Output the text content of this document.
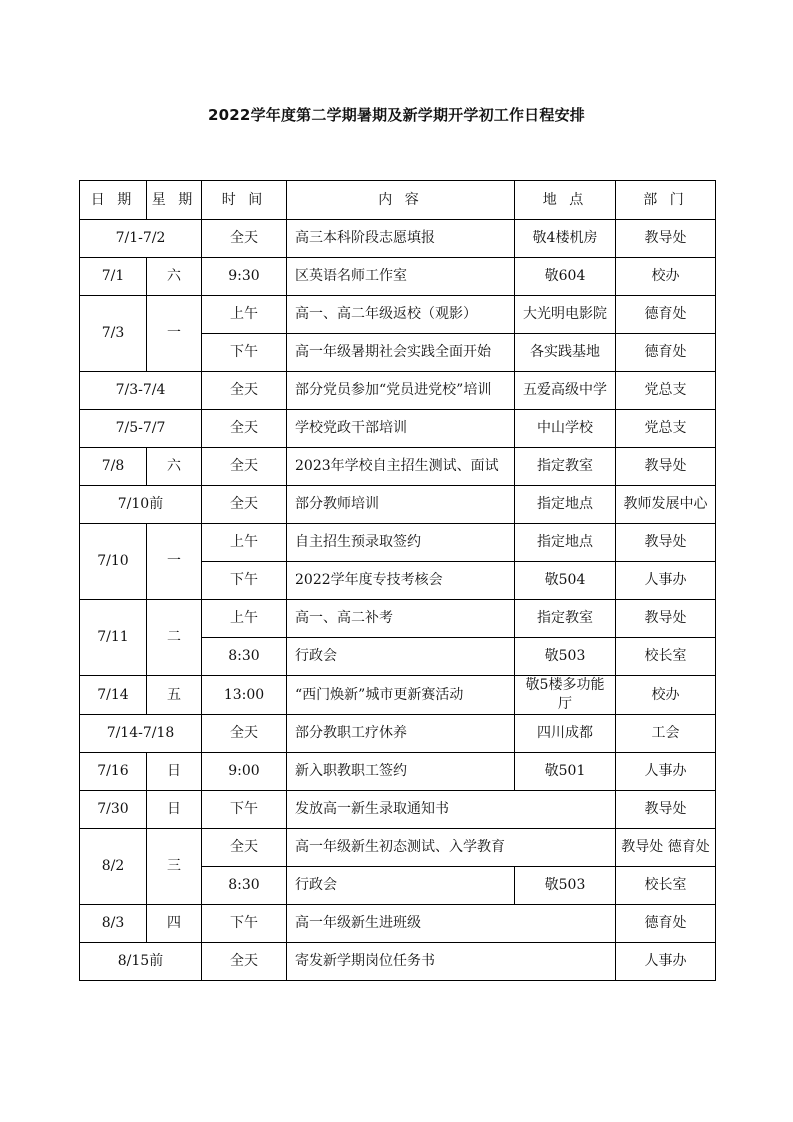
2022学年度第二学期暑期及新学期开学初工作日程安排
日 期	星 期	时 间	内 容	地 点	部 门
7/1-7/2		全天	高三本科阶段志愿填报	敬4楼机房	教导处
7/1	六	9:30	区英语名师工作室	敬604	校办
7/3	一	上午	高一、高二年级返校（观影）	大光明电影院	德育处
		下午	高一年级暑期社会实践全面开始	各实践基地	德育处
7/3-7/4		全天	部分党员参加“党员进党校”培训	五爱高级中学	党总支
7/5-7/7		全天	学校党政干部培训	中山学校	党总支
7/8	六	全天	2023年学校自主招生测试、面试	指定教室	教导处
7/10前		全天	部分教师培训	指定地点	教师发展中心
7/10	一	上午	自主招生预录取签约	指定地点	教导处
		下午	2022学年度专技考核会	敬504	人事办
7/11	二	上午	高一、高二补考	指定教室	教导处
		8:30	行政会	敬503	校长室
7/14	五	13:00	“西门焕新”城市更新赛活动	敬5楼多功能厅	校办
7/14-7/18		全天	部分教职工疗休养	四川成都	工会
7/16	日	9:00	新入职教职工签约	敬501	人事办
7/30	日	下午	发放高一新生录取通知书		教导处
8/2	三	全天	高一年级新生初态测试、入学教育		教导处 德育处
		8:30	行政会	敬503	校长室
8/3	四	下午	高一年级新生进班级		德育处
8/15前		全天	寄发新学期岗位任务书		人事办
